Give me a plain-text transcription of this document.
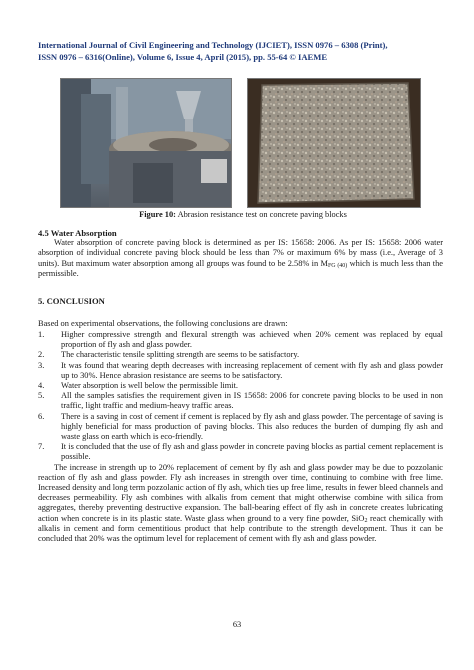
International Journal of Civil Engineering and Technology (IJCIET), ISSN 0976 – 6308 (Print),
ISSN 0976 – 6316(Online), Volume 6, Issue 4, April (2015), pp. 55-64 © IAEME
Figure 10: Abrasion resistance test on concrete paving blocks
4.5 Water Absorption
Water absorption of concrete paving block is determined as per IS: 15658: 2006. As per IS: 15658: 2006 water absorption of individual concrete paving block should be less than 7% or maximum 6% by mass (i.e., Average of 3 units). But maximum water absorption among all groups was found to be 2.58% in $M_{FG (40)}$ which is much less than the permissible.
5. CONCLUSION
Based on experimental observations, the following conclusions are drawn:
1. Higher compressive strength and flexural strength was achieved when 20% cement was replaced by equal proportion of fly ash and glass powder.
2. The characteristic tensile splitting strength are seems to be satisfactory.
3. It was found that wearing depth decreases with increasing replacement of cement with fly ash and glass powder up to 30%. Hence abrasion resistance are seems to be satisfactory.
4. Water absorption is well below the permissible limit.
5. All the samples satisfies the requirement given in IS 15658: 2006 for concrete paving blocks to be used in non traffic, light traffic and medium-heavy traffic areas.
6. There is a saving in cost of cement if cement is replaced by fly ash and glass powder. The percentage of saving is highly beneficial for mass production of paving blocks. This also reduces the burden of dumping fly ash and waste glass on earth which is eco-friendly.
7. It is concluded that the use of fly ash and glass powder in concrete paving blocks as partial cement replacement is possible.
The increase in strength up to 20% replacement of cement by fly ash and glass powder may be due to pozzolanic reaction of fly ash and glass powder. Fly ash increases in strength over time, continuing to combine with free lime. Increased density and long term pozzolanic action of fly ash, which ties up free lime, results in fewer bleed channels and decreases permeability. Fly ash combines with alkalis from cement that might otherwise combine with silica from aggregates, thereby preventing destructive expansion. The ball-bearing effect of fly ash in concrete creates lubricating action when concrete is in its plastic state. Waste glass when ground to a very fine powder, SiO$_2$ react chemically with alkalis in cement and form cementitious product that help contribute to the strength development. Thus it can be concluded that 20% was the optimum level for replacement of cement with fly ash and glass powder.
63
